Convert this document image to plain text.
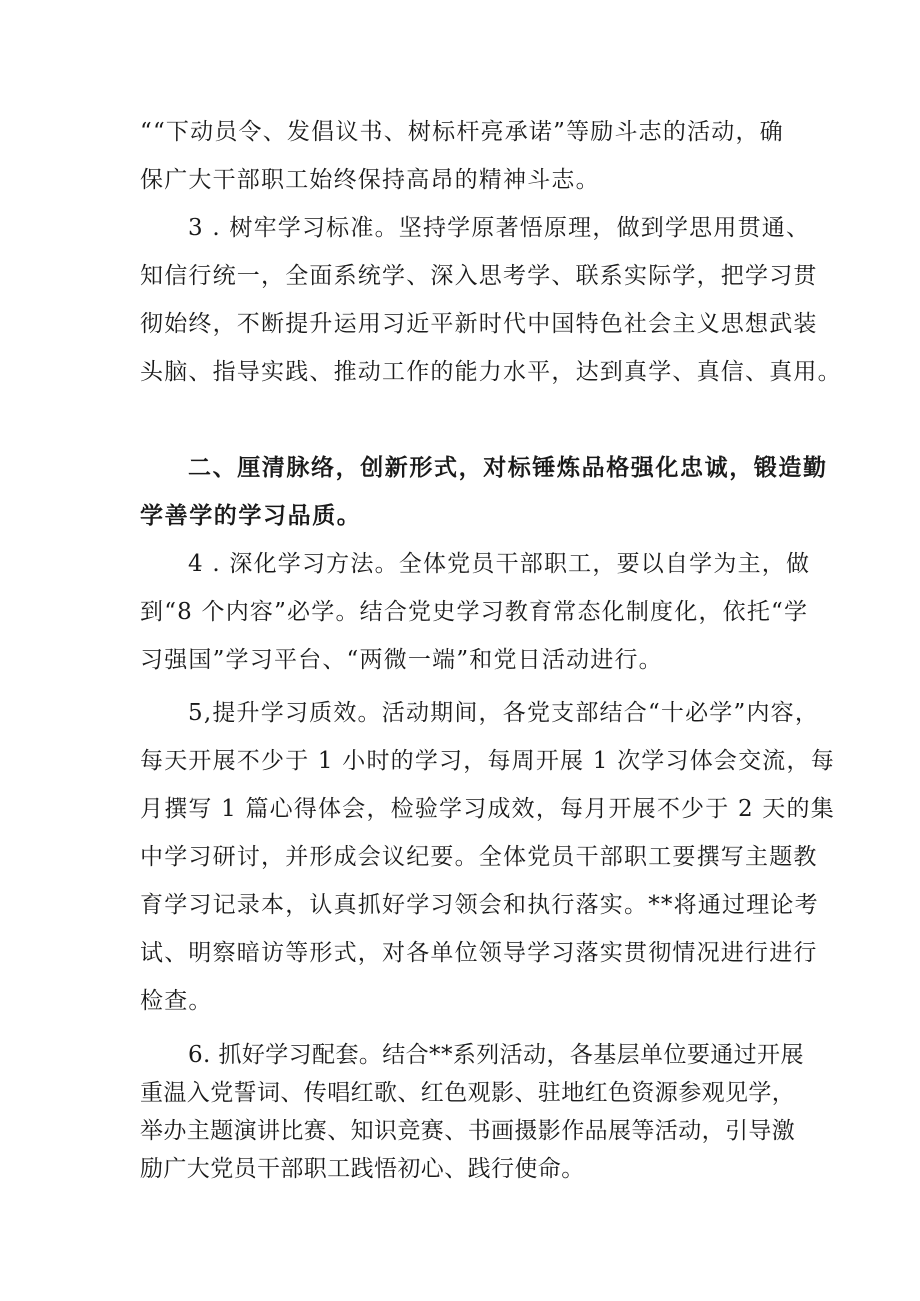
““下动员令、发倡议书、树标杆亮承诺”等励斗志的活动，确
保广大干部职工始终保持高昂的精神斗志。
3 . 树牢学习标准。坚持学原著悟原理，做到学思用贯通、
知信行统一，全面系统学、深入思考学、联系实际学，把学习贯
彻始终，不断提升运用习近平新时代中国特色社会主义思想武装
头脑、指导实践、推动工作的能力水平，达到真学、真信、真用。
二、厘清脉络，创新形式，对标锤炼品格强化忠诚，锻造勤
学善学的学习品质。
4 . 深化学习方法。全体党员干部职工，要以自学为主，做
到“8 个内容”必学。结合党史学习教育常态化制度化，依托“学
习强国”学习平台、“两微一端”和党日活动进行。
5,提升学习质效。活动期间，各党支部结合“十必学”内容，
每天开展不少于 1 小时的学习，每周开展 1 次学习体会交流，每
月撰写 1 篇心得体会，检验学习成效，每月开展不少于 2 天的集
中学习研讨，并形成会议纪要。全体党员干部职工要撰写主题教
育学习记录本，认真抓好学习领会和执行落实。**将通过理论考
试、明察暗访等形式，对各单位领导学习落实贯彻情况进行进行
检查。
6. 抓好学习配套。结合**系列活动，各基层单位要通过开展
重温入党誓词、传唱红歌、红色观影、驻地红色资源参观见学，
举办主题演讲比赛、知识竞赛、书画摄影作品展等活动，引导激
励广大党员干部职工践悟初心、践行使命。
